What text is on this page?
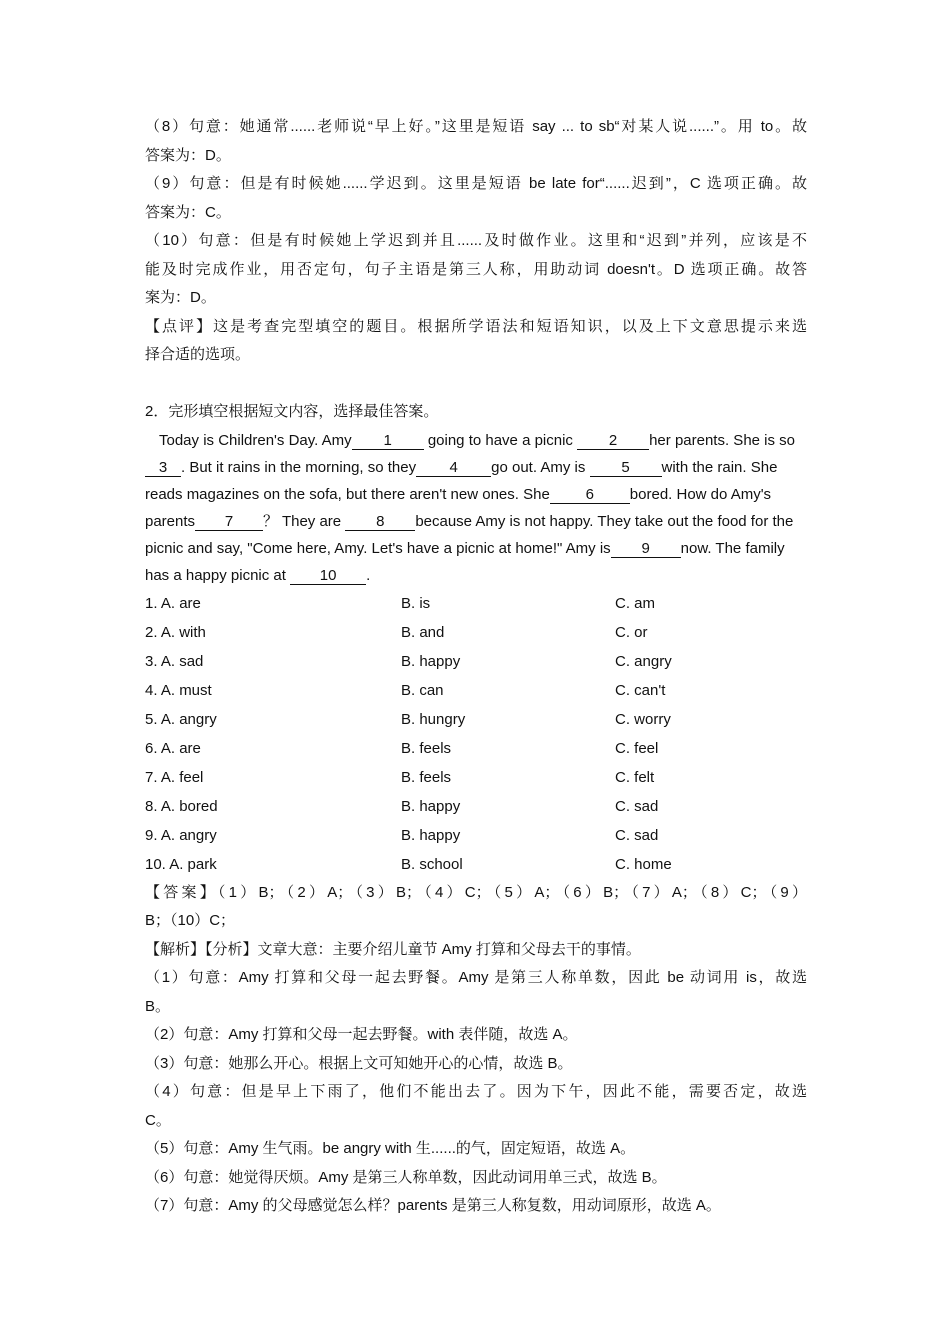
（8）句意：她通常......老师说“早上好。”这里是短语 say ... to sb“对某人说......”。用 to。故
答案为：D。
（9）句意：但是有时候她......学迟到。这里是短语 be late for“......迟到”，C 选项正确。故
答案为：C。
（10）句意：但是有时候她上学迟到并且......及时做作业。这里和“迟到”并列，应该是不
能及时完成作业，用否定句，句子主语是第三人称，用助动词 doesn't。D 选项正确。故答
案为：D。
【点评】这是考查完型填空的题目。根据所学语法和短语知识，以及上下文意思提示来选
择合适的选项。
2．完形填空根据短文内容，选择最佳答案。
Today is Children's Day. Amy 1 going to have a picnic 2 her parents. She is so
3 . But it rains in the morning, so they 4 go out. Amy is 5 with the rain. She
reads magazines on the sofa, but there aren't new ones. She 6 bored. How do Amy's
parents 7 ？ They are 8 because Amy is not happy. They take out the food for the
picnic and say, "Come here, Amy. Let's have a picnic at home!" Amy is 9 now. The family
has a happy picnic at 10 .
1. A. are	B. is	C. am
2. A. with	B. and	C. or
3. A. sad	B. happy	C. angry
4. A. must	B. can	C. can't
5. A. angry	B. hungry	C. worry
6. A. are	B. feels	C. feel
7. A. feel	B. feels	C. felt
8. A. bored	B. happy	C. sad
9. A. angry	B. happy	C. sad
10. A. park	B. school	C. home
【答案】（1）B；（2）A；（3）B；（4）C；（5）A；（6）B；（7）A；（8）C；（9）
B；（10）C；
【解析】【分析】文章大意：主要介绍儿童节 Amy 打算和父母去干的事情。
（1）句意：Amy 打算和父母一起去野餐。Amy 是第三人称单数，因此 be 动词用 is，故选
B。
（2）句意：Amy 打算和父母一起去野餐。with 表伴随，故选 A。
（3）句意：她那么开心。根据上文可知她开心的心情，故选 B。
（4）句意：但是早上下雨了，他们不能出去了。因为下午，因此不能，需要否定，故选
C。
（5）句意：Amy 生气雨。be angry with 生......的气，固定短语，故选 A。
（6）句意：她觉得厌烦。Amy 是第三人称单数，因此动词用单三式，故选 B。
（7）句意：Amy 的父母感觉怎么样？parents 是第三人称复数，用动词原形，故选 A。
